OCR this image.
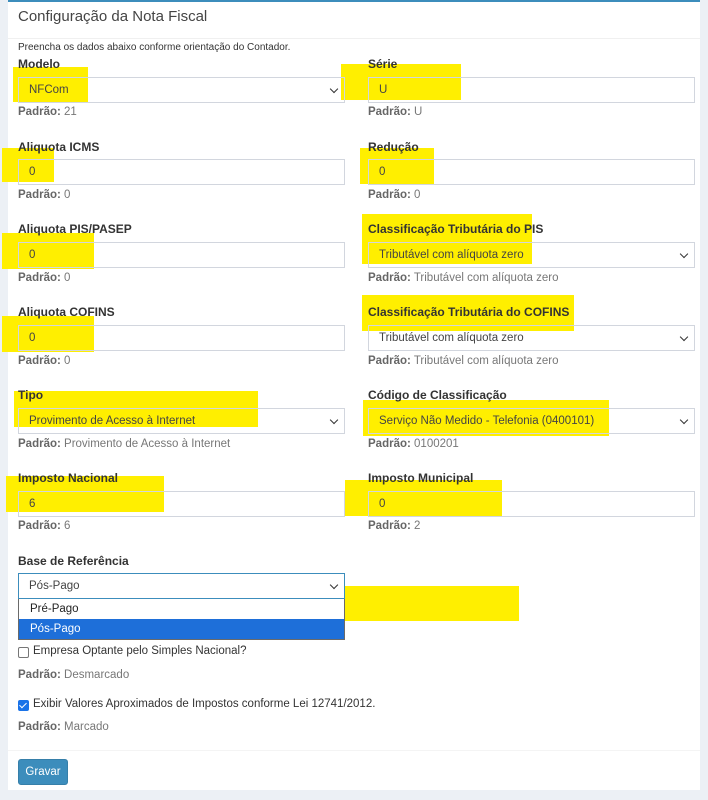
Configuração da Nota Fiscal
Preencha os dados abaixo conforme orientação do Contador.
Modelo
NFCom
Padrão: 21
Série
U
Padrão: U
Aliquota ICMS
0
Padrão: 0
Redução
0
Padrão: 0
Aliquota PIS/PASEP
0
Padrão: 0
Classificação Tributária do PIS
Tributável com alíquota zero
Padrão: Tributável com alíquota zero
Aliquota COFINS
0
Padrão: 0
Classificação Tributária do COFINS
Tributável com alíquota zero
Padrão: Tributável com alíquota zero
Tipo
Provimento de Acesso à Internet
Padrão: Provimento de Acesso à Internet
Código de Classificação
Serviço Não Medido - Telefonia (0400101)
Padrão: 0100201
Imposto Nacional
6
Padrão: 6
Imposto Municipal
0
Padrão: 2
Base de Referência
Pós-Pago
Pré-Pago
Pós-Pago
Empresa Optante pelo Simples Nacional?
Padrão: Desmarcado
Exibir Valores Aproximados de Impostos conforme Lei 12741/2012.
Padrão: Marcado
Gravar
